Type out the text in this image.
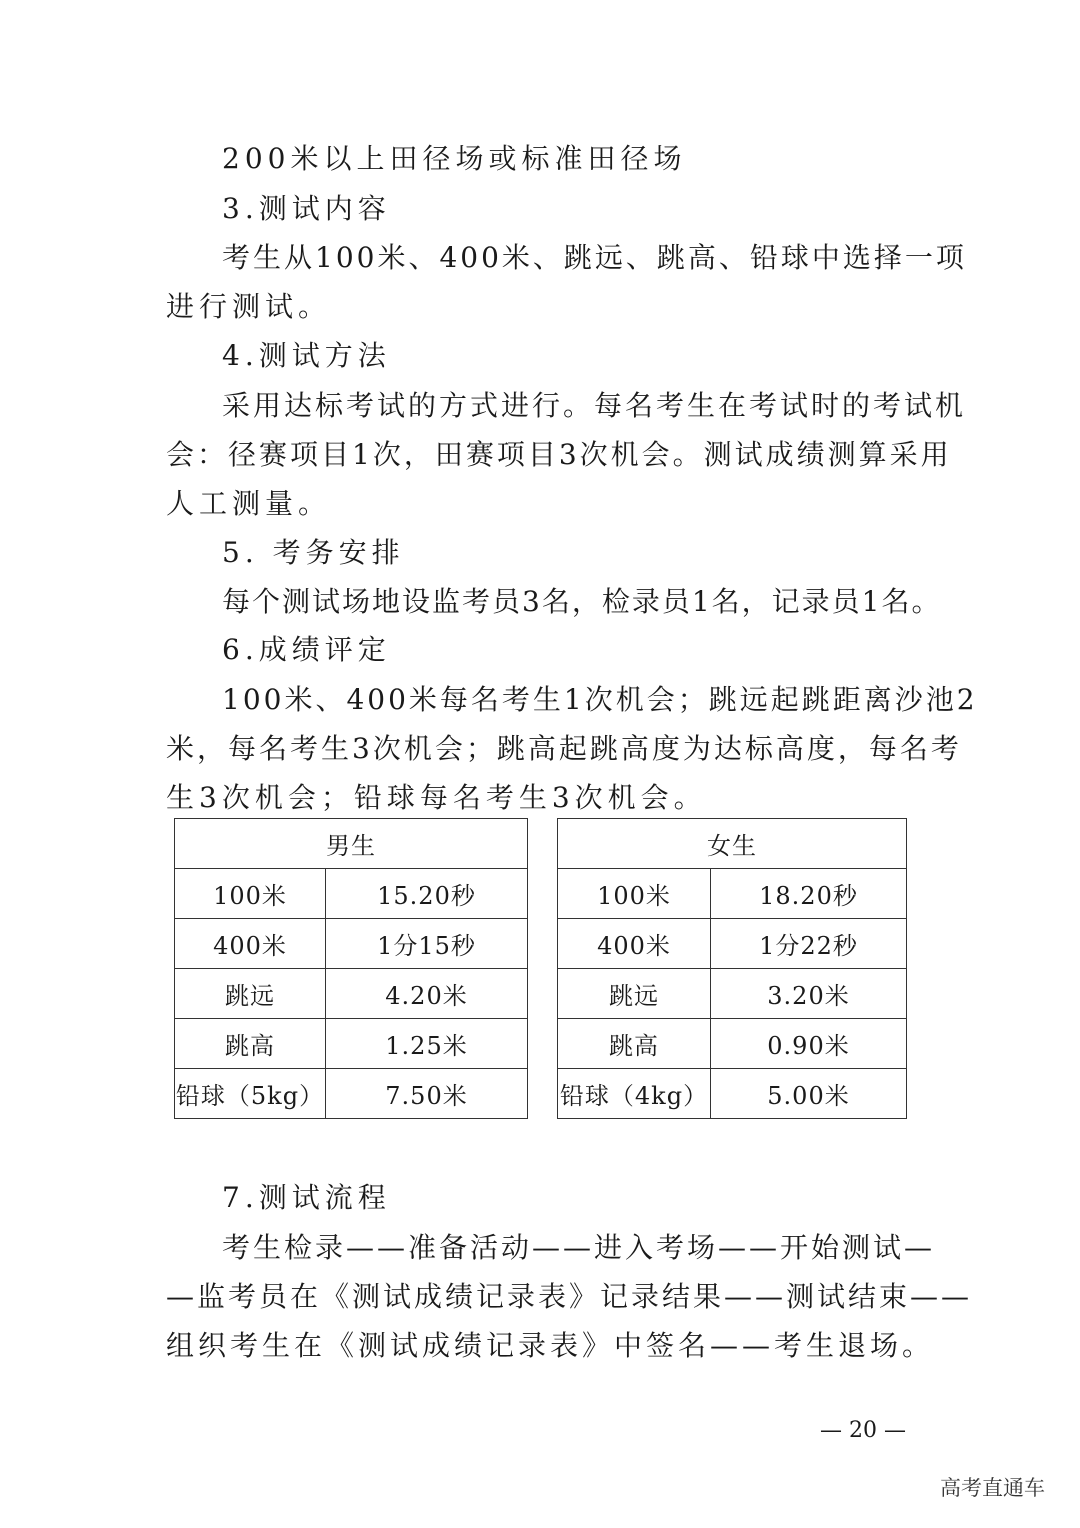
200米以上田径场或标准田径场
3.测试内容
考生从100米、400米、跳远、跳高、铅球中选择一项
进行测试。
4.测试方法
采用达标考试的方式进行。每名考生在考试时的考试机
会：径赛项目1次，田赛项目3次机会。测试成绩测算采用
人工测量。
5. 考务安排
每个测试场地设监考员3名，检录员1名，记录员1名。
6.成绩评定
100米、400米每名考生1次机会；跳远起跳距离沙池2
米，每名考生3次机会；跳高起跳高度为达标高度，每名考
生3次机会；铅球每名考生3次机会。
男生	
100米	15.20秒
400米	1分15秒
跳远	4.20米
跳高	1.25米
铅球（5kg）	7.50米
女生	
100米	18.20秒
400米	1分22秒
跳远	3.20米
跳高	0.90米
铅球（4kg）	5.00米
7.测试流程
考生检录——准备活动——进入考场——开始测试—
—监考员在《测试成绩记录表》记录结果——测试结束——
组织考生在《测试成绩记录表》中签名——考生退场。
— 20 —
高考直通车
